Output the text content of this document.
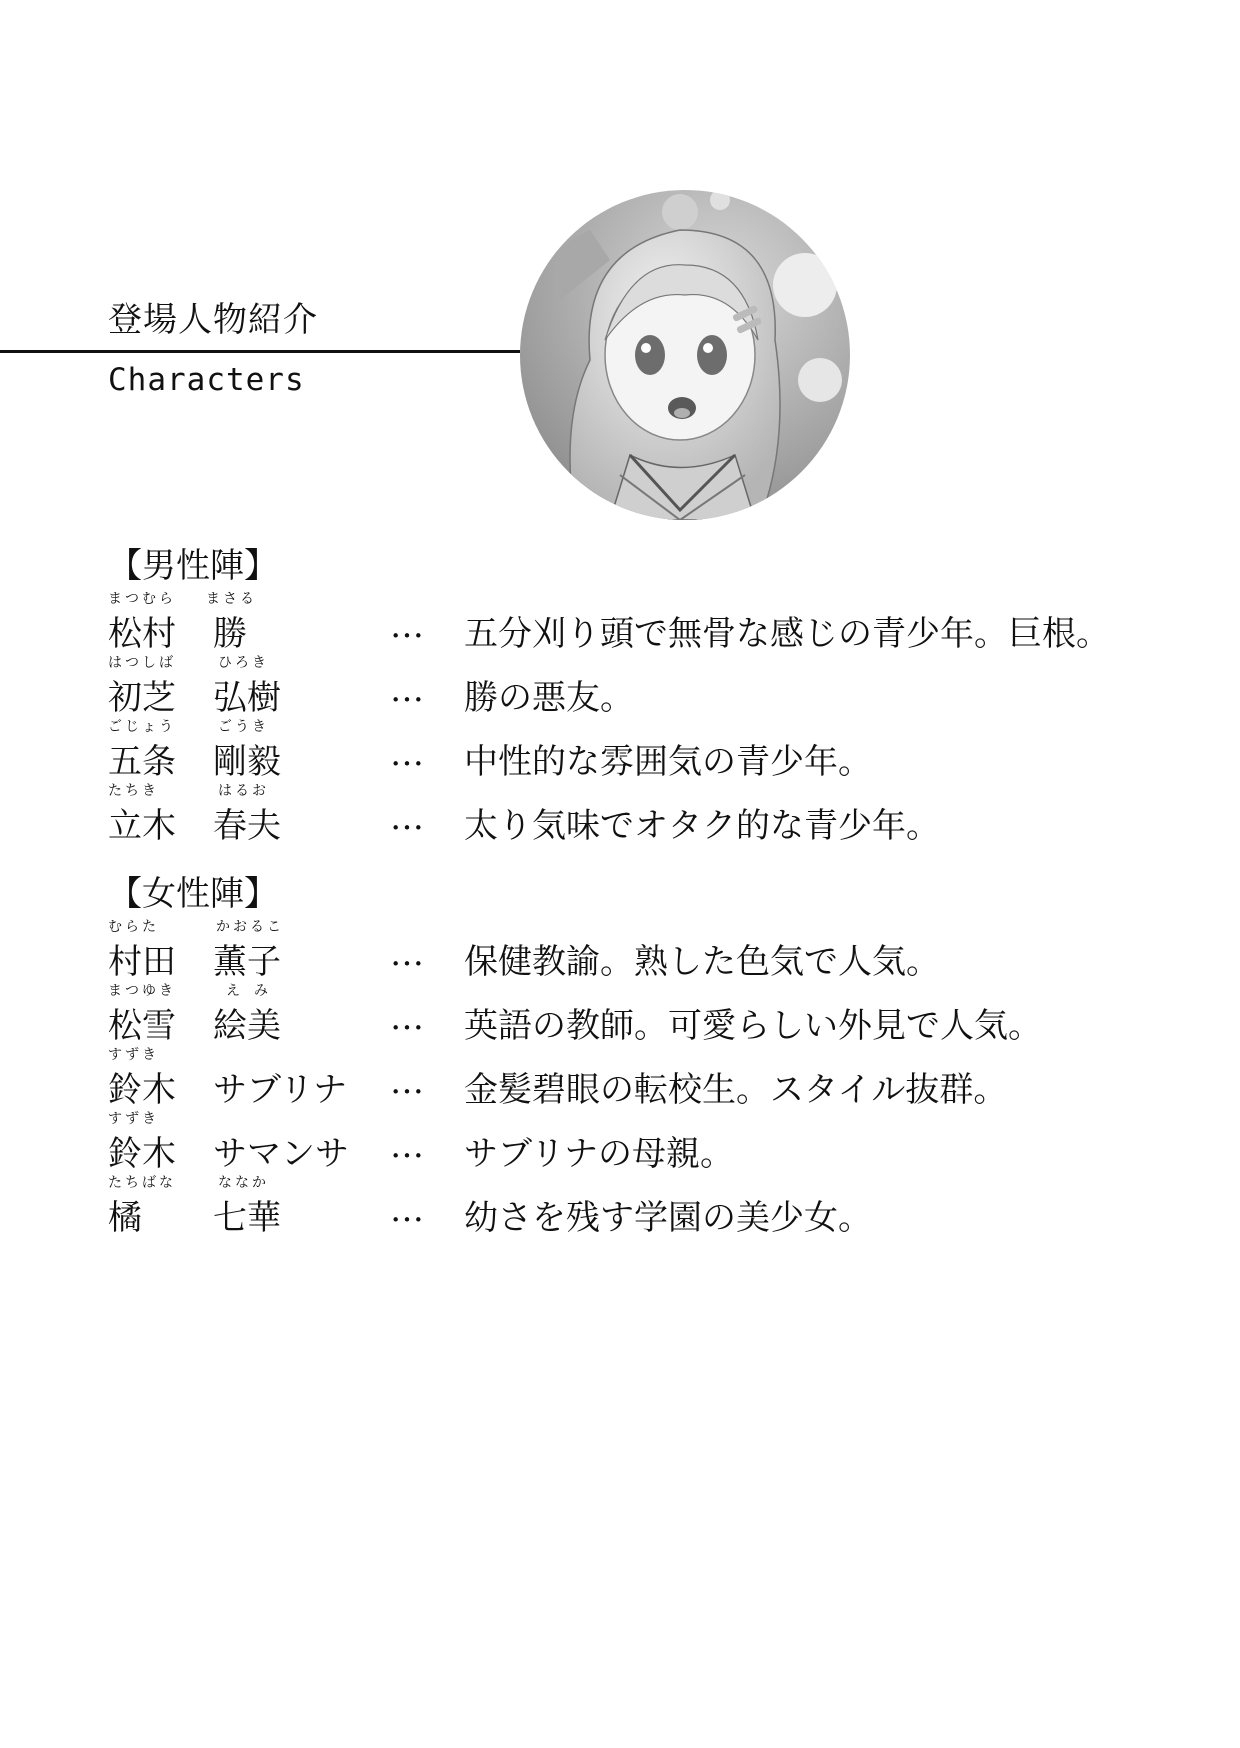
登場人物紹介
Characters
【男性陣】
まつむら まさる
松村 勝	… 五分刈り頭で無骨な感じの青少年。巨根。
はつしば	ひろき
初芝 弘樹	… 勝の悪友。
ごじょう	ごうき
五条 剛毅	… 中性的な雰囲気の青少年。
たちき	はるお
立木 春夫	… 太り気味でオタク的な青少年。
【女性陣】
むらた	かおるこ
村田 薫子	… 保健教諭。熟した色気で人気。
まつゆき	えみ
松雪 絵美	… 英語の教師。可愛らしい外見で人気。
すずき
鈴木 サブリナ … 金髪碧眼の転校生。スタイル抜群。
すずき
鈴木 サマンサ … サブリナの母親。
たちばな	ななか
橘 七華	… 幼さを残す学園の美少女。
